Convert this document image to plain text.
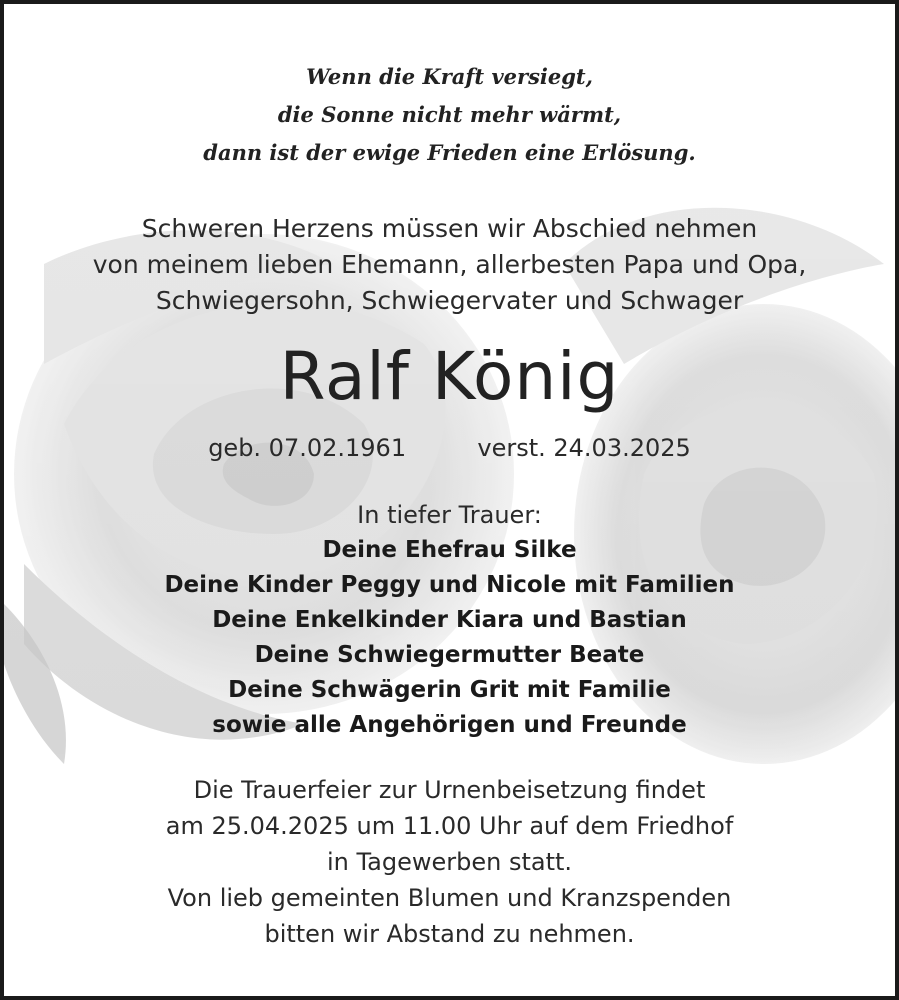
Wenn die Kraft versiegt,
die Sonne nicht mehr wärmt,
dann ist der ewige Frieden eine Erlösung.
Schweren Herzens müssen wir Abschied nehmen
von meinem lieben Ehemann, allerbesten Papa und Opa,
Schwiegersohn, Schwiegervater und Schwager
Ralf König
geb. 07.02.1961	verst. 24.03.2025
In tiefer Trauer:
Deine Ehefrau Silke
Deine Kinder Peggy und Nicole mit Familien
Deine Enkelkinder Kiara und Bastian
Deine Schwiegermutter Beate
Deine Schwägerin Grit mit Familie
sowie alle Angehörigen und Freunde
Die Trauerfeier zur Urnenbeisetzung findet
am 25.04.2025 um 11.00 Uhr auf dem Friedhof
in Tagewerben statt.
Von lieb gemeinten Blumen und Kranzspenden
bitten wir Abstand zu nehmen.
